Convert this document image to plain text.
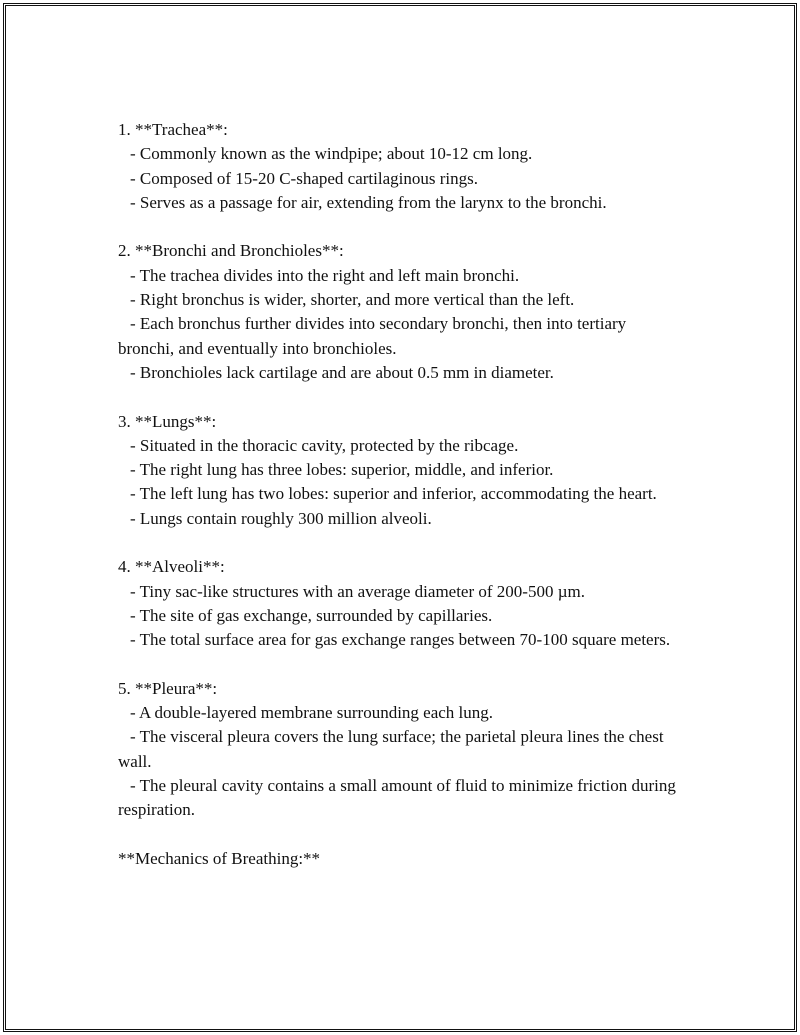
1. **Trachea**:

- Commonly known as the windpipe; about 10-12 cm long.

- Composed of 15-20 C-shaped cartilaginous rings.

- Serves as a passage for air, extending from the larynx to the bronchi.

2. **Bronchi and Bronchioles**:

- The trachea divides into the right and left main bronchi.

- Right bronchus is wider, shorter, and more vertical than the left.

- Each bronchus further divides into secondary bronchi, then into tertiary bronchi, and eventually into bronchioles.

- Bronchioles lack cartilage and are about 0.5 mm in diameter.

3. **Lungs**:

- Situated in the thoracic cavity, protected by the ribcage.

- The right lung has three lobes: superior, middle, and inferior.

- The left lung has two lobes: superior and inferior, accommodating the heart.

- Lungs contain roughly 300 million alveoli.

4. **Alveoli**:

- Tiny sac-like structures with an average diameter of 200-500 µm.

- The site of gas exchange, surrounded by capillaries.

- The total surface area for gas exchange ranges between 70-100 square meters.

5. **Pleura**:

- A double-layered membrane surrounding each lung.

- The visceral pleura covers the lung surface; the parietal pleura lines the chest wall.

- The pleural cavity contains a small amount of fluid to minimize friction during respiration.

**Mechanics of Breathing:**
